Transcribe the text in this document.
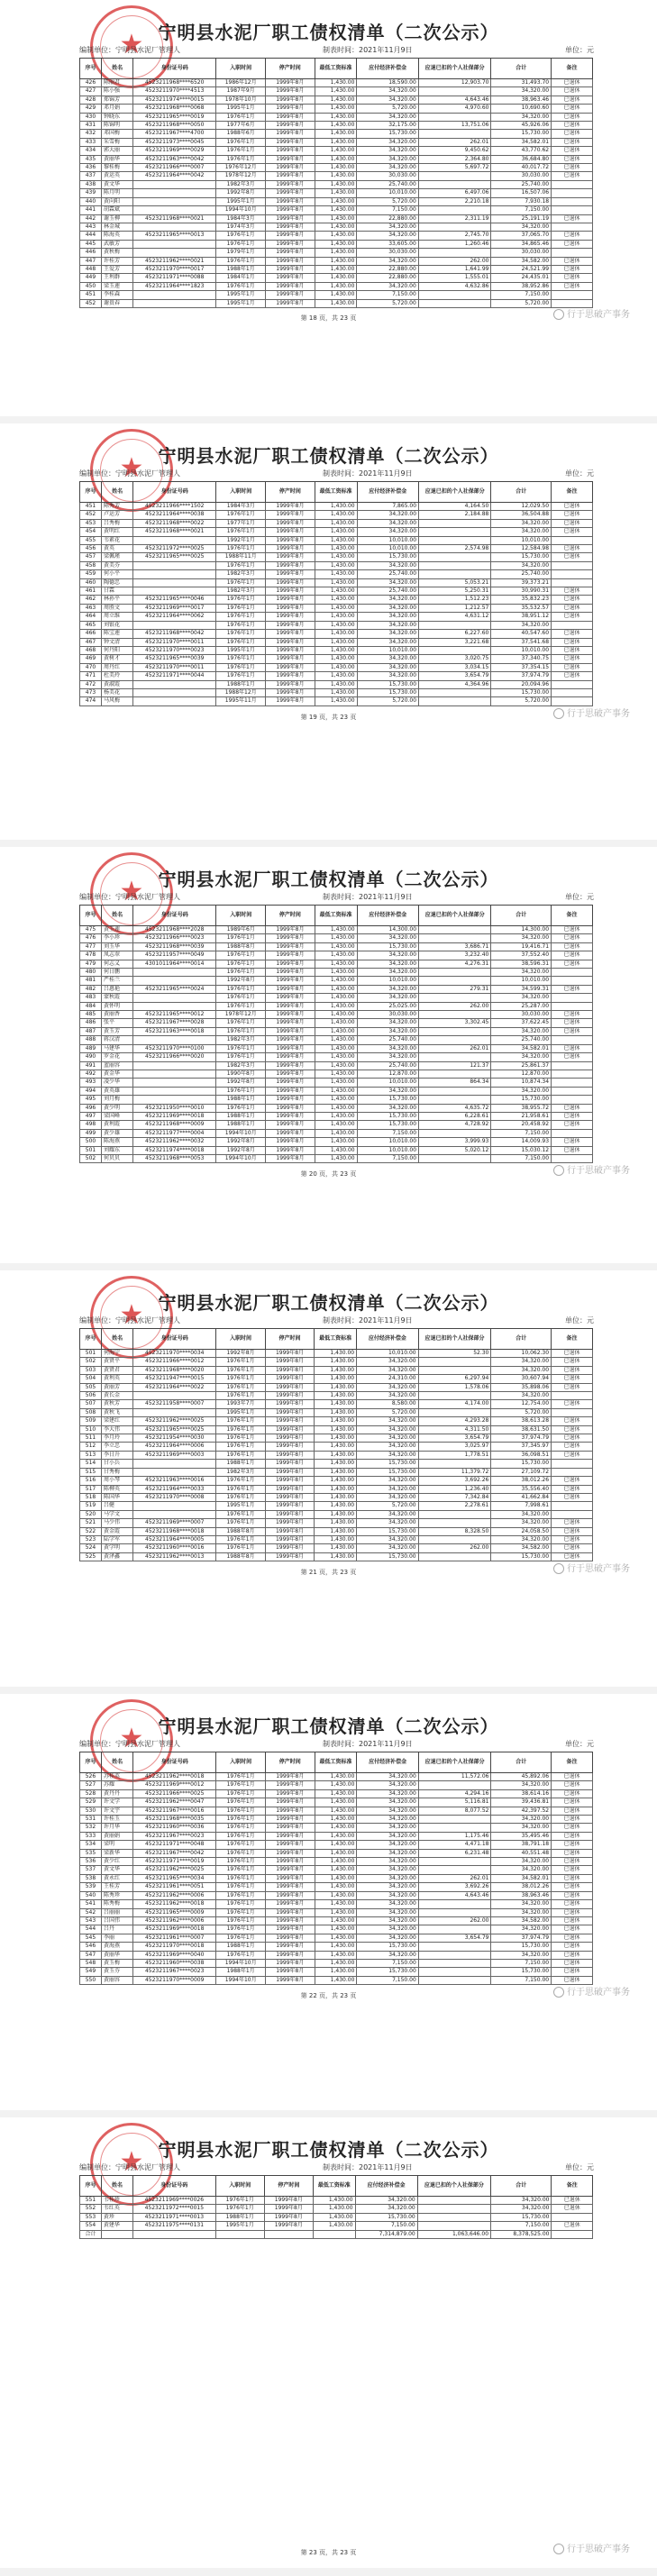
★ 宁明县水泥厂职工债权清单（二次公示）
编制单位：宁明县水泥厂管理人	制表时间：2021年11月9日	单位：元
序号	姓名	身份证号码	入职时间	停产时间	最低工资标准	应付经济补偿金	应退已扣的个人社保部分	合计	备注
426	陈丽君	4523211968****6520	1986年12月	1999年8月	1,430.00	18,590.00	12,903.70	31,493.70	已退休
427	陈小强	4523211970****4513	1987年9月	1999年8月	1,430.00	34,320.00		34,320.00	已退休
428	郑锦芳	4523211974****0015	1978年10月	1999年8月	1,430.00	34,320.00	4,643.46	38,963.46	已退休
429	邓月娟	4523211968****0068	1995年1月	1999年8月	1,430.00	5,720.00	4,970.60	10,690.60	已退休
430	钟晓东	4523211965****0019	1976年1月	1999年8月	1,430.00	34,320.00		34,320.00	已退休
431	陈锦明	4523211968****0050	1977年6月	1999年8月	1,430.00	32,175.00	13,751.06	45,926.06	已退休
432	邓国梅	4523211967****4700	1988年6月	1999年8月	1,430.00	15,730.00		15,730.00	已退休
433	朱雪梅	4523211973****0045	1976年1月	1999年8月	1,430.00	34,320.00	262.01	34,582.01	已退休
434	郭大丽	4523211969****0029	1976年1月	1999年8月	1,430.00	34,320.00	9,450.62	43,770.62	已退休
435	黄丽华	4523211963****0042	1976年1月	1999年8月	1,430.00	34,320.00	2,364.80	36,684.80	已退休
436	黎桂梅	4523211966****0007	1976年12月	1999年8月	1,430.00	34,320.00	5,697.72	40,017.72	已退休
437	黄运英	4523211964****0042	1978年12月	1999年8月	1,430.00	30,030.00		30,030.00	已退休
438	黄文华		1982年3月	1999年8月	1,430.00	25,740.00		25,740.00	
439	陈月明		1992年8月	1999年8月	1,430.00	10,010.00	6,497.06	16,507.06	
440	黄向阳		1995年1月	1999年8月	1,430.00	5,720.00	2,210.18	7,930.18	
441	胡霖斌		1994年10月	1999年8月	1,430.00	7,150.00		7,150.00	
442	谢玉柳	4523211968****0021	1984年3月	1999年8月	1,430.00	22,880.00	2,311.19	25,191.19	已退休
443	林金城		1974年3月	1999年8月	1,430.00	34,320.00		34,320.00	
444	陈海英	4523211965****0013	1976年1月	1999年8月	1,430.00	34,320.00	2,745.70	37,065.70	已退休
445	武敏芳		1976年1月	1999年8月	1,430.00	33,605.00	1,260.46	34,865.46	已退休
446	黄秋梅		1979年1月	1999年8月	1,430.00	30,030.00		30,030.00	
447	许桂芳	4523211962****0021	1976年1月	1999年8月	1,430.00	34,320.00	262.00	34,582.00	已退休
448	王爱芳	4523211970****0017	1988年1月	1999年8月	1,430.00	22,880.00	1,641.99	24,521.99	已退休
449	王利群	4523211971****0088	1984年1月	1999年8月	1,430.00	22,880.00	1,555.01	24,435.01	已退休
450	梁玉莲	4523211964****1823	1976年1月	1999年8月	1,430.00	34,320.00	4,632.86	38,952.86	已退休
451	李桂森		1995年1月	1999年8月	1,430.00	7,150.00		7,150.00	
452	谢贵春		1995年1月	1999年8月	1,430.00	5,720.00		5,720.00	
第 18 页，共 23 页	行于思破产事务
★ 宁明县水泥厂职工债权清单（二次公示）
编制单位：宁明县水泥厂管理人	制表时间：2021年11月9日	单位：元
序号	姓名	身份证号码	入职时间	停产时间	最低工资标准	应付经济补偿金	应退已扣的个人社保部分	合计	备注
451	陈秀芳	4523211966****1502	1984年3月	1999年8月	1,430.00	7,865.00	4,164.50	12,029.50	已退休
452	卢运芳	4523211964****0038	1976年1月	1999年8月	1,430.00	34,320.00	2,184.88	36,504.88	已退休
453	吕秀梅	4523211968****0022	1977年1月	1999年8月	1,430.00	34,320.00		34,320.00	已退休
454	黄明红	4523211968****0021	1976年1月	1999年8月	1,430.00	34,320.00		34,320.00	已退休
455	韦素花		1992年1月	1999年8月	1,430.00	10,010.00		10,010.00	
456	黄英	4523211972****0025	1976年1月	1999年8月	1,430.00	10,010.00	2,574.98	12,584.98	已退休
457	梁佩瑾	4523211965****0025	1988年11月	1999年8月	1,430.00	15,730.00		15,730.00	已退休
458	黄美芬		1976年1月	1999年8月	1,430.00	34,320.00		34,320.00	
459	何小平		1982年3月	1999年8月	1,430.00	25,740.00		25,740.00	
460	陶德忠		1976年1月	1999年8月	1,430.00	34,320.00	5,053.21	39,373.21	
461	甘霖		1982年3月	1999年8月	1,430.00	25,740.00	5,250.31	30,990.31	已退休
462	林孙平	4523211965****0046	1976年1月	1999年8月	1,430.00	34,320.00	1,512.23	35,832.23	已退休
463	周胜文	4523211969****0017	1976年1月	1999年8月	1,430.00	34,320.00	1,212.57	35,532.57	已退休
464	周立维	4523211964****0062	1976年1月	1999年8月	1,430.00	34,320.00	4,631.12	38,951.12	已退休
465	刘银花		1976年1月	1999年8月	1,430.00	34,320.00		34,320.00	
466	陈宝莲	4523211968****0042	1976年1月	1999年8月	1,430.00	34,320.00	6,227.60	40,547.60	已退休
467	钟文清	4523211970****0011	1976年1月	1999年8月	1,430.00	34,320.00	3,221.68	37,541.68	已退休
468	何丹阳	4523211970****0023	1995年1月	1999年8月	1,430.00	10,010.00		10,010.00	已退休
469	黄树才	4523211965****0039	1976年1月	1999年8月	1,430.00	34,320.00	3,020.75	37,340.75	已退休
470	周丹红	4523211970****0011	1976年1月	1999年8月	1,430.00	34,320.00	3,034.15	37,354.15	已退休
471	杜美玲	4523211971****0044	1976年1月	1999年8月	1,430.00	34,320.00	3,654.79	37,974.79	已退休
472	黄淑霞		1988年1月	1999年8月	1,430.00	15,730.00	4,364.96	20,094.96	
473	杨美花		1988年12月	1999年8月	1,430.00	15,730.00		15,730.00	
474	马风梅		1995年11月	1999年8月	1,430.00	5,720.00		5,720.00	
第 19 页，共 23 页	行于思破产事务
★ 宁明县水泥厂职工债权清单（二次公示）
编制单位：宁明县水泥厂管理人	制表时间：2021年11月9日	单位：元
序号	姓名	身份证号码	入职时间	停产时间	最低工资标准	应付经济补偿金	应退已扣的个人社保部分	合计	备注
475	黄玉莲	4523211968****2028	1989年6月	1999年8月	1,430.00	14,300.00		14,300.00	已退休
476	李小珍	4523211966****0023	1976年1月	1999年8月	1,430.00	34,320.00		34,320.00	已退休
477	刘玉华	4523211968****0039	1988年8月	1999年8月	1,430.00	15,730.00	3,686.71	19,416.71	已退休
478	凤志翠	4523211957****0049	1976年1月	1999年8月	1,430.00	34,320.00	3,232.40	37,552.40	已退休
479	何志义	4301011964****0014	1976年1月	1999年8月	1,430.00	34,320.00	4,276.31	38,596.31	已退休
480	何日鹏		1976年1月	1999年8月	1,430.00	34,320.00		34,320.00	
481	严桂兰		1992年8月	1999年8月	1,430.00	10,010.00		10,010.00	
482	吕惠艳	4523211965****0024	1976年1月	1999年8月	1,430.00	34,320.00	279.31	34,599.31	已退休
483	蒙秋霞		1976年1月	1999年8月	1,430.00	34,320.00		34,320.00	
484	黄怀明		1976年1月	1999年8月	1,430.00	25,025.00	262.00	25,287.00	
485	黄丽香	4523211965****0012	1978年12月	1999年8月	1,430.00	30,030.00		30,030.00	已退休
486	张平	4523211967****0028	1976年1月	1999年8月	1,430.00	34,320.00	3,302.45	37,622.45	已退休
487	黄玉芳	4523211963****0018	1976年1月	1999年8月	1,430.00	34,320.00		34,320.00	已退休
488	蒋汉清		1982年3月	1999年8月	1,430.00	25,740.00		25,740.00	
489	马建华	4523211970****0100	1976年1月	1999年8月	1,430.00	34,320.00	262.01	34,582.01	已退休
490	罗金花	4523211966****0020	1976年1月	1999年8月	1,430.00	34,320.00		34,320.00	已退休
491	蓝丽容		1982年3月	1999年8月	1,430.00	25,740.00	121.37	25,861.37	
492	黄金华		1990年8月	1999年8月	1,430.00	12,870.00		12,870.00	
493	凌少华		1992年8月	1999年8月	1,430.00	10,010.00	864.34	10,874.34	
494	黄英雄		1976年1月	1999年8月	1,430.00	34,320.00		34,320.00	
495	刘月梅		1988年1月	1999年8月	1,430.00	15,730.00		15,730.00	
496	黄少明	4523211950****0010	1976年1月	1999年8月	1,430.00	34,320.00	4,635.72	38,955.72	已退休
497	梁国峰	4523211969****0018	1988年1月	1999年8月	1,430.00	15,730.00	6,228.61	21,958.61	已退休
498	黄利霞	4523211968****0009	1988年1月	1999年8月	1,430.00	15,730.00	4,728.92	20,458.92	已退休
499	黄少雄	4523211977****0004	1994年10月	1999年8月	1,430.00	7,150.00		7,150.00	
500	陈海燕	4523211962****0032	1992年8月	1999年8月	1,430.00	10,010.00	3,999.93	14,009.93	已退休
501	刘耀东	4523211974****0018	1992年8月	1999年8月	1,430.00	10,010.00	5,020.12	15,030.12	已退休
502	何贝贝	4523211968****0053	1994年10月	1999年8月	1,430.00	7,150.00		7,150.00	
第 20 页，共 23 页	行于思破产事务
★ 宁明县水泥厂职工债权清单（二次公示）
编制单位：宁明县水泥厂管理人	制表时间：2021年11月9日	单位：元
序号	姓名	身份证号码	入职时间	停产时间	最低工资标准	应付经济补偿金	应退已扣的个人社保部分	合计	备注
501	何海宁	4523211970****0034	1992年8月	1999年8月	1,430.00	10,010.00	52.30	10,062.30	已退休
502	黄贤平	4523211966****0012	1976年1月	1999年8月	1,430.00	34,320.00		34,320.00	已退休
503	黄贤君	4523211968****0020	1976年1月	1999年8月	1,430.00	34,320.00		34,320.00	已退休
504	黄利英	4523211947****0015	1976年1月	1999年8月	1,430.00	24,310.00	6,297.94	30,607.94	已退休
505	黄丽芳	4523211964****0022	1976年1月	1999年8月	1,430.00	34,320.00	1,578.06	35,898.06	已退休
506	黄长金		1976年1月	1999年8月	1,430.00	34,320.00		34,320.00	
507	黄秋芳	4523211958****0007	1993年7月	1999年8月	1,430.00	8,580.00	4,174.00	12,754.00	已退休
508	黄秋飞		1995年1月	1999年8月	1,430.00	5,720.00		5,720.00	
509	梁建红	4523211962****0025	1976年1月	1999年8月	1,430.00	34,320.00	4,293.28	38,613.28	已退休
510	李大伟	4523211965****0025	1976年1月	1999年8月	1,430.00	34,320.00	4,311.50	38,631.50	已退休
511	李月玲	4523211954****0030	1976年1月	1999年8月	1,430.00	34,320.00	3,654.79	37,974.79	已退休
512	李立忠	4523211964****0006	1976年1月	1999年8月	1,430.00	34,320.00	3,025.97	37,345.97	已退休
513	李日升	4523211969****0003	1976年1月	1999年8月	1,430.00	34,320.00	1,778.51	36,098.51	已退休
514	甘小兵		1988年1月	1999年8月	1,430.00	15,730.00		15,730.00	
515	甘秀梅		1982年3月	1999年8月	1,430.00	15,730.00	11,379.72	27,109.72	
516	周小琴	4523211963****0016	1976年1月	1999年8月	1,430.00	34,320.00	3,692.26	38,012.26	已退休
517	陈柳英	4523211964****0033	1976年1月	1999年8月	1,430.00	34,320.00	1,236.40	35,556.40	已退休
518	陈国华	4523211970****0008	1976年1月	1999年8月	1,430.00	34,320.00	7,342.84	41,662.84	已退休
519	吕健		1995年1月	1999年8月	1,430.00	5,720.00	2,278.61	7,998.61	
520	马学文		1976年1月	1999年8月	1,430.00	34,320.00		34,320.00	
521	马少伟	4523211969****0007	1976年1月	1999年8月	1,430.00	34,320.00		34,320.00	已退休
522	黄金霞	4523211968****0018	1988年8月	1999年8月	1,430.00	15,730.00	8,328.50	24,058.50	已退休
523	陆学军	4523211964****0005	1976年1月	1999年8月	1,430.00	34,320.00		34,320.00	已退休
524	黄学明	4523211960****0016	1976年1月	1999年8月	1,430.00	34,320.00	262.00	34,582.00	已退休
525	黄泽鑫	4523211962****0013	1988年8月	1999年8月	1,430.00	15,730.00		15,730.00	已退休
第 21 页，共 23 页	行于思破产事务
★ 宁明县水泥厂职工债权清单（二次公示）
编制单位：宁明县水泥厂管理人	制表时间：2021年11月9日	单位：元
序号	姓名	身份证号码	入职时间	停产时间	最低工资标准	应付经济补偿金	应退已扣的个人社保部分	合计	备注
526	苏桂英	4523211962****0018	1976年1月	1999年8月	1,430.00	34,320.00	11,572.06	45,892.06	已退休
527	苏耀	4523211969****0012	1976年1月	1999年8月	1,430.00	34,320.00		34,320.00	已退休
528	黄丹丹	4523211966****0025	1976年1月	1999年8月	1,430.00	34,320.00	4,294.16	38,614.16	已退休
529	许文学	4523211962****0047	1976年1月	1999年8月	1,430.00	34,320.00	5,116.81	39,436.81	已退休
530	许文宇	4523211967****0016	1976年1月	1999年8月	1,430.00	34,320.00	8,077.52	42,397.52	已退休
531	许桂玉	4523211968****0035	1976年1月	1999年8月	1,430.00	34,320.00		34,320.00	已退休
532	许月华	4523211960****0036	1976年1月	1999年8月	1,430.00	34,320.00		34,320.00	已退休
533	黄丽娟	4523211967****0023	1976年1月	1999年8月	1,430.00	34,320.00	1,175.46	35,495.46	已退休
534	梁明	4523211971****0048	1976年1月	1999年8月	1,430.00	34,320.00	4,471.18	38,791.18	已退休
535	梁新华	4523211967****0042	1976年1月	1999年8月	1,430.00	34,320.00	6,231.48	40,551.48	已退休
536	黄少红	4523211971****0019	1976年1月	1999年8月	1,430.00	34,320.00		34,320.00	已退休
537	黄文华	4523211962****0025	1976年1月	1999年8月	1,430.00	34,320.00		34,320.00	已退休
538	黄永红	4523211965****0034	1976年1月	1999年8月	1,430.00	34,320.00	262.01	34,582.01	已退休
539	王桂芳	4523211961****0051	1976年1月	1999年8月	1,430.00	34,320.00	3,692.26	38,012.26	已退休
540	陈秀珍	4523211962****0006	1976年1月	1999年8月	1,430.00	34,320.00	4,643.46	38,963.46	已退休
541	陈秀梅	4523211962****0018	1976年1月	1999年8月	1,430.00	34,320.00		34,320.00	已退休
542	吕丽丽	4523211965****0009	1976年1月	1999年8月	1,430.00	34,320.00		34,320.00	已退休
543	吕国伟	4523211962****0006	1976年1月	1999年8月	1,430.00	34,320.00	262.00	34,582.00	已退休
544	吕丹	4523211969****0018	1976年1月	1999年8月	1,430.00	34,320.00		34,320.00	已退休
545	李丽	4523211961****0007	1976年1月	1999年8月	1,430.00	34,320.00	3,654.79	37,974.79	已退休
546	黄海燕	4523211970****0018	1988年1月	1999年8月	1,430.00	15,730.00		15,730.00	已退休
547	黄丽华	4523211969****0040	1976年1月	1999年8月	1,430.00	34,320.00		34,320.00	已退休
548	黄玉梅	4523211960****0038	1994年10月	1999年8月	1,430.00	7,150.00		7,150.00	已退休
549	黄玉芬	4523211967****0023	1988年1月	1999年8月	1,430.00	15,730.00		15,730.00	已退休
550	黄丽容	4523211970****0009	1994年10月	1999年8月	1,430.00	7,150.00		7,150.00	已退休
第 22 页，共 23 页	行于思破产事务
★ 宁明县水泥厂职工债权清单（二次公示）
编制单位：宁明县水泥厂管理人	制表时间：2021年11月9日	单位：元
序号	姓名	身份证号码	入职时间	停产时间	最低工资标准	应付经济补偿金	应退已扣的个人社保部分	合计	备注
551	韦桂珍	4523211969****0026	1976年1月	1999年8月	1,430.00	34,320.00		34,320.00	已退休
552	韦红英	4523211972****0015	1976年1月	1999年8月	1,430.00	34,320.00		34,320.00	已退休
553	黄珍	4523211971****0013	1988年1月	1999年8月	1,430.00	15,730.00		15,730.00	
554	黄建华	4523211975****0131	1995年1月	1999年8月	1,430.00	7,150.00		7,150.00	已退休
合计						7,314,879.00	1,063,646.00	8,378,525.00	
第 23 页，共 23 页	行于思破产事务
